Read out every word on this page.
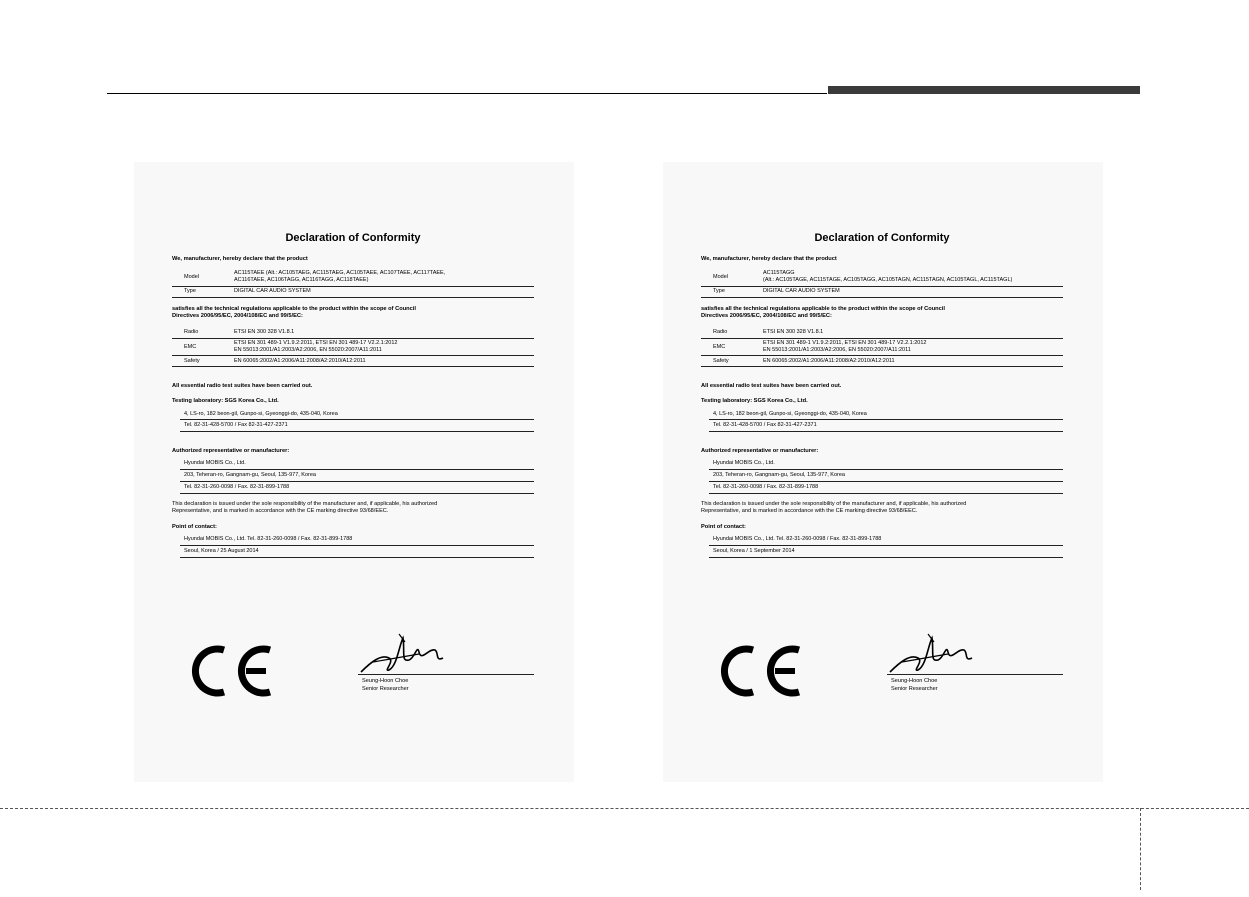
Declaration of Conformity
We, manufacturer, hereby declare that the product
Model	AC115TAEE (Alt.: AC105TAEG, AC115TAEG, AC105TAEE, AC107TAEE, AC117TAEE,
AC116TAEE, AC106TAGG, AC116TAGG, AC118TAEE)

Type	DIGITAL CAR AUDIO SYSTEM
satisfies all the technical regulations applicable to the product within the scope of Council
Directives 2006/95/EC, 2004/108/EC and 99/5/EC:
Radio	ETSI EN 300 328 V1.8.1
EMC	ETSI EN 301 489-1 V1.9.2:2011, ETSI EN 301 489-17 V2.2.1:2012
EN 55013:2001/A1:2003/A2:2006, EN 55020:2007/A11:2011

Safety	EN 60065:2002/A1:2006/A11:2008/A2:2010/A12:2011
All essential radio test suites have been carried out.
Testing laboratory: SGS Korea Co., Ltd.
4, LS-ro, 182 beon-gil, Gunpo-si, Gyeonggi-do, 435-040, Korea
Tel. 82-31-428-5700 / Fax 82-31-427-2371
Authorized representative or manufacturer:
Hyundai MOBIS Co., Ltd.
203, Teheran-ro, Gangnam-gu, Seoul, 135-977, Korea
Tel. 82-31-260-0098 / Fax. 82-31-899-1788
This declaration is issued under the sole responsibility of the manufacturer and, if applicable, his authorized
Representative, and is marked in accordance with the CE marking directive 93/68/EEC.
Point of contact:
Hyundai MOBIS Co., Ltd. Tel. 82-31-260-0098 / Fax. 82-31-899-1788
Seoul, Korea / 25 August 2014
Seung-Hoon Choe
Senior Researcher
Declaration of Conformity
We, manufacturer, hereby declare that the product
Model	AC115TAGG
(Alt.: AC105TAGE, AC115TAGE, AC105TAGG, AC105TAGN, AC115TAGN, AC105TAGL, AC115TAGL)

Type	DIGITAL CAR AUDIO SYSTEM
satisfies all the technical regulations applicable to the product within the scope of Council
Directives 2006/95/EC, 2004/108/EC and 99/5/EC:
Radio	ETSI EN 300 328 V1.8.1
EMC	ETSI EN 301 489-1 V1.9.2:2011, ETSI EN 301 489-17 V2.2.1:2012
EN 55013:2001/A1:2003/A2:2006, EN 55020:2007/A11:2011

Safety	EN 60065:2002/A1:2006/A11:2008/A2:2010/A12:2011
All essential radio test suites have been carried out.
Testing laboratory: SGS Korea Co., Ltd.
4, LS-ro, 182 beon-gil, Gunpo-si, Gyeonggi-do, 435-040, Korea
Tel. 82-31-428-5700 / Fax 82-31-427-2371
Authorized representative or manufacturer:
Hyundai MOBIS Co., Ltd.
203, Teheran-ro, Gangnam-gu, Seoul, 135-977, Korea
Tel. 82-31-260-0098 / Fax. 82-31-899-1788
This declaration is issued under the sole responsibility of the manufacturer and, if applicable, his authorized
Representative, and is marked in accordance with the CE marking directive 93/68/EEC.
Point of contact:
Hyundai MOBIS Co., Ltd. Tel. 82-31-260-0098 / Fax. 82-31-899-1788
Seoul, Korea / 1 September 2014
Seung-Hoon Choe
Senior Researcher
